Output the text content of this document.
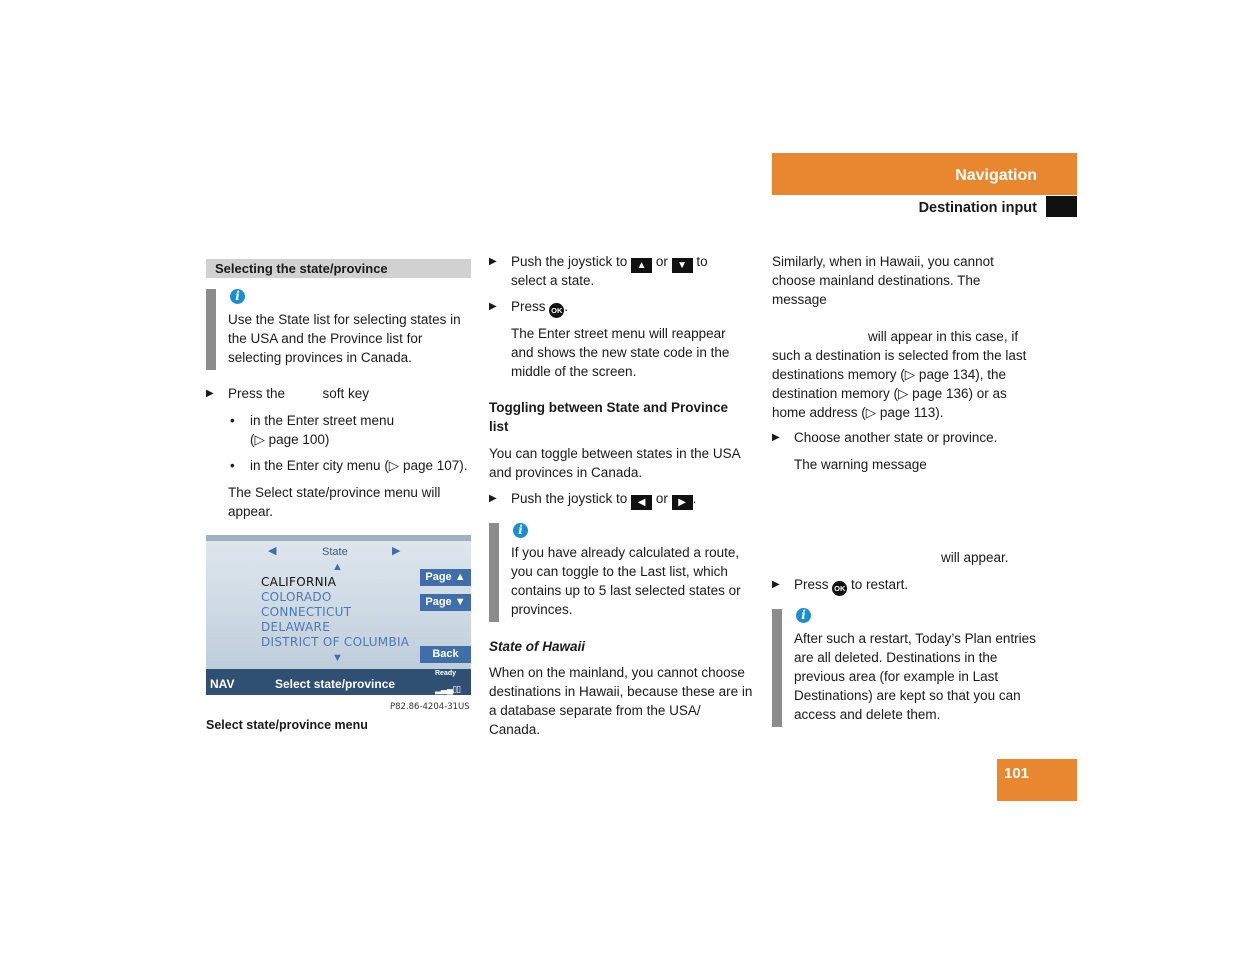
Navigation
Destination input
Selecting the state/province
i
Use the State list for selecting states in the USA and the Province list for selecting provinces in Canada.
▶ Press the          soft key
• in the Enter street menu
(▷ page 100)
• in the Enter city menu (▷ page 107).
The Select state/province menu will appear.
◀	State	▶
▲
CALIFORNIA
COLORADO
CONNECTICUT
DELAWARE
DISTRICT OF COLUMBIA
▼
Page ▲
Page ▼
Back
NAV	Select state/province
Ready
▂▃▄▯▯
P82.86-4204-31US
Select state/province menu
▶ Push the joystick to ▲ or ▼ to
select a state.
▶ Press OK .
The Enter street menu will reappear and shows the new state code in the middle of the screen.
Toggling between State and Province list
You can toggle between states in the USA and provinces in Canada.
▶ Push the joystick to ◀ or ▶ .
i
If you have already calculated a route, you can toggle to the Last list, which contains up to 5 last selected states or provinces.
State of Hawaii
When on the mainland, you cannot choose destinations in Hawaii, because these are in a database separate from the USA/ Canada.
Similarly, when in Hawaii, you cannot choose mainland destinations. The message
will appear in this case, if such a destination is selected from the last destinations memory (▷ page 134), the destination memory (▷ page 136) or as home address (▷ page 113).
▶ Choose another state or province.
The warning message
will appear.
▶ Press OK to restart.
i
After such a restart, Today’s Plan entries are all deleted. Destinations in the previous area (for example in Last Destinations) are kept so that you can access and delete them.
101
